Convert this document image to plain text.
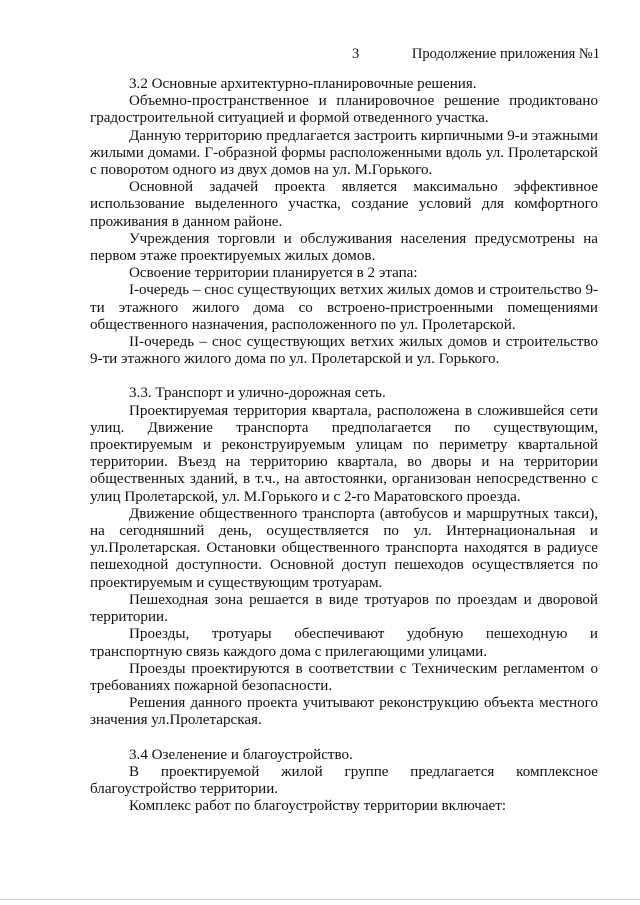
3	Продолжение приложения №1

3.2 Основные архитектурно-планировочные решения.

Объемно-пространственное и планировочное решение продиктовано градостроительной ситуацией и формой отведенного участка.

Данную территорию предлагается застроить кирпичными 9-и этажными жилыми домами. Г-образной формы расположенными вдоль ул. Пролетарской с поворотом одного из двух домов на ул. М.Горького.

Основной задачей проекта является максимально эффективное использование выделенного участка, создание условий для комфортного проживания в данном районе.

Учреждения торговли и обслуживания населения предусмотрены на первом этаже проектируемых жилых домов.

Освоение территории планируется в 2 этапа:

I-очередь – снос существующих ветхих жилых домов и строительство 9-ти этажного жилого дома со встроено-пристроенными помещениями общественного назначения, расположенного по ул. Пролетарской.

II-очередь – снос существующих ветхих жилых домов и строительство 9-ти этажного жилого дома по ул. Пролетарской и ул. Горького.

3.3. Транспорт и улично-дорожная сеть.

Проектируемая территория квартала, расположена в сложившейся сети улиц. Движение транспорта предполагается по существующим, проектируемым и реконструируемым улицам по периметру квартальной территории. Въезд на территорию квартала, во дворы и на территории общественных зданий, в т.ч., на автостоянки, организован непосредственно с улиц Пролетарской, ул. М.Горького и с 2-го Маратовского проезда.

Движение общественного транспорта (автобусов и маршрутных такси), на сегодняшний день, осуществляется по ул. Интернациональная и ул.Пролетарская. Остановки общественного транспорта находятся в радиусе пешеходной доступности. Основной доступ пешеходов осуществляется по проектируемым и существующим тротуарам.

Пешеходная зона решается в виде тротуаров по проездам и дворовой территории.

Проезды, тротуары обеспечивают удобную пешеходную и транспортную связь каждого дома с прилегающими улицами.

Проезды проектируются в соответствии с Техническим регламентом о требованиях пожарной безопасности.

Решения данного проекта учитывают реконструкцию объекта местного значения ул.Пролетарская.

3.4 Озеленение и благоустройство.

В проектируемой жилой группе предлагается комплексное благоустройство территории.

Комплекс работ по благоустройству территории включает:
